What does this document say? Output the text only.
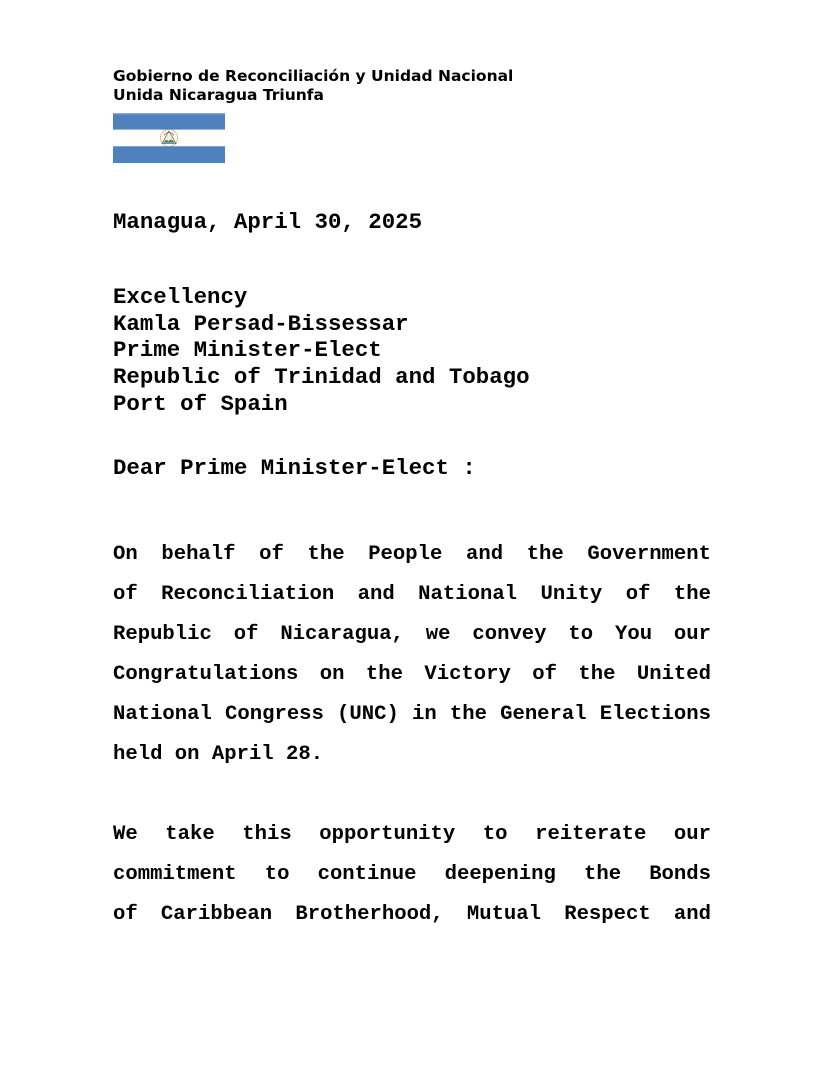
Gobierno de Reconciliación y Unidad Nacional
Unida Nicaragua Triunfa
Managua, April 30, 2025
Excellency
Kamla Persad-Bissessar
Prime Minister-Elect
Republic of Trinidad and Tobago
Port of Spain
Dear Prime Minister-Elect :
On behalf of the People and the Government
of Reconciliation and National Unity of the
Republic of Nicaragua, we convey to You our
Congratulations on the Victory of the United
National Congress (UNC) in the General Elections
held on April 28.
We take this opportunity to reiterate our
commitment to continue deepening the Bonds
of Caribbean Brotherhood, Mutual Respect and
